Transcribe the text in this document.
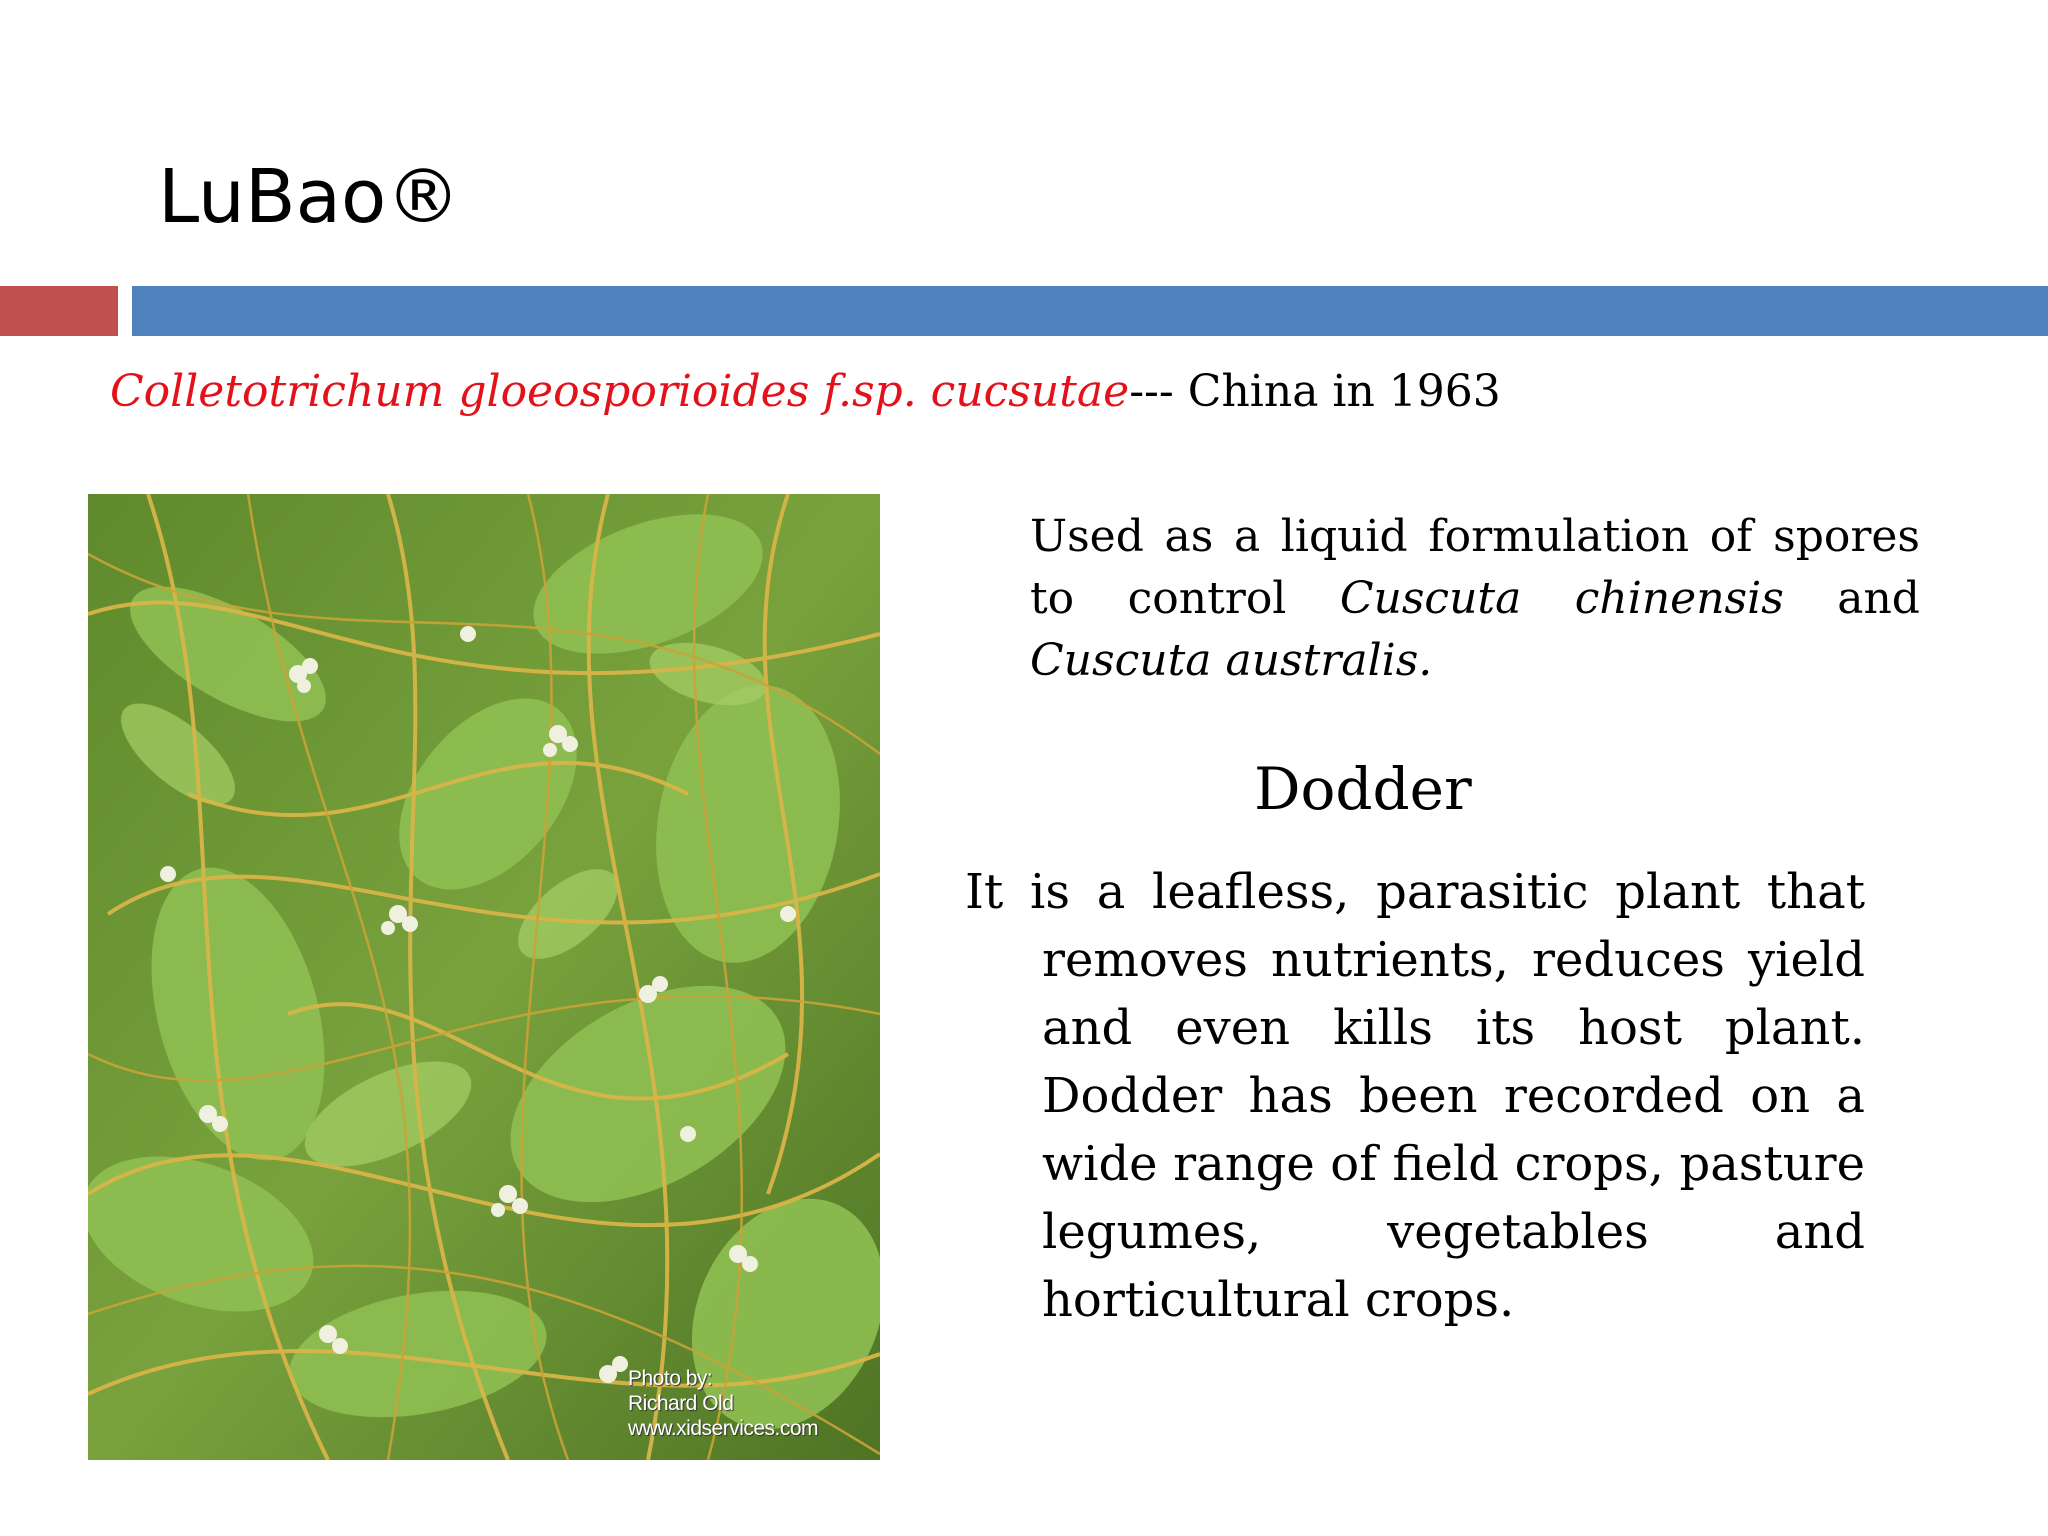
LuBao®
Colletotrichum gloeosporioides f.sp. cucsutae--- China in 1963
Photo by:
Richard Old
www.xidservices.com
Used as a liquid formulation of spores to control Cuscuta chinensis and Cuscuta australis.
Dodder
It is a leafless, parasitic plant that removes nutrients, reduces yield and even kills its host plant. Dodder has been recorded on a wide range of field crops, pasture legumes, vegetables and horticultural crops.
